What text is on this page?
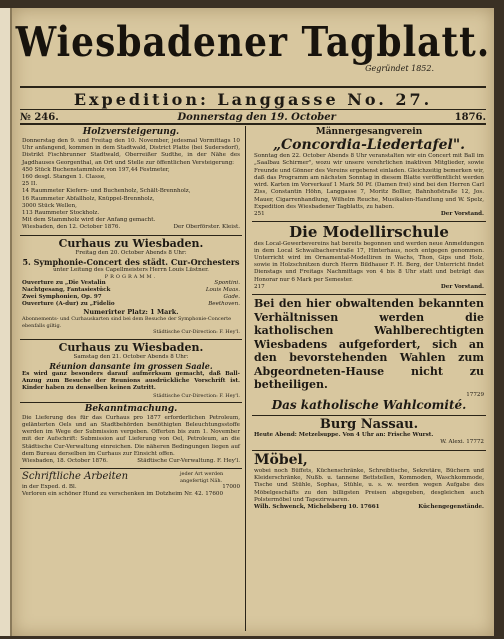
Wiesbadener Tagblatt.
Gegründet 1852.
Expedition: Langgasse No. 27.
№ 246.	Donnerstag den 19. October	1876.
Holzversteigerung.
Donnerstag den 9. und Freitag den 10. November, jedesmal Vormittags 10 Uhr anfangend, kommen in dem Stadtwald, District Platte (bei Sudersdorf), Distrikt Fischbrunner Stadtwald, Oberreißer Sudthe, in der Nähe des Jagdhauses Georgenthal, an Ort und Stelle zur öffentlichen Versteigerung:
450 Stück Buchenstammholz von 197,44 Festmeter,
160 desgl. Stangen 1. Classe,
25 II.
14 Raummeter Kiefern- und Buchenholz, Schält-Brennholz,
16 Raummeter Abfallholz, Knüppel-Brennholz,
3000 Stück Wellen,
113 Raummeter Stockholz.
Mit dem Stammholz wird der Anfang gemacht.
Wiesbaden, den 12. October 1876.	Der Oberförster. Kleist.
Curhaus zu Wiesbaden.
Freitag den 20. October Abends 8 Uhr:
5. Symphonie-Concert des städt. Cur-Orchesters
unter Leitung des Capellmeisters Herrn Louis Lüstner.
PROGRAMM.
Ouverture zu „Die Vestalin	Spontini.
Nachtgesang, Fantasiestück	Louis Maas.
Zwei Symphonien, Op. 97	Gade.
Ouverture (A-dur) zu „Fidelio	Beethoven.
Numerirter Platz: 1 Mark.
Abonnements- und Curhauskarten sind bei dem Besuche der Symphonie-Concerte ebenfalls giltig.
Städtische Cur-Direction: F. Hey'l.
Curhaus zu Wiesbaden.
Samstag den 21. October Abends 8 Uhr:
Réunion dansante im grossen Saale.
Es wird ganz besonders darauf aufmerksam gemacht, daß Ball-Anzug zum Besuche der Reunions ausdrückliche Vorschrift ist. Kinder haben zu denselben keinen Zutritt.
Städtische Cur-Direction: F. Hey'l.
Bekanntmachung.
Die Lieferung des für das Curhaus pro 1877 erforderlichen Petroleum, gelänterten Oels und an Stadtbehörden benöthigten Beleuchtungsstoffe werden im Wege der Submission vergeben. Offerten bis zum 1. November mit der Aufschrift: Submission auf Lieferung von Oel, Petroleum, an die Städtische Cur-Verwaltung einreichen. Die näheren Bedingungen liegen auf dem Bureau derselben im Curhaus zur Einsicht offen.
Wiesbaden, 18. October 1876.	Städtische Cur-Verwaltung. F. Hey'l.
Schriftliche Arbeiten	jeder Art werden angefertigt Näh.
in der Exped. d. Bl.	17000
Verloren ein schöner Hund zu verschenken im Dotzheim Nr. 42. 17600
Männergesangverein
„Concordia-Liedertafel".
Sonntag den 22. October Abends 8 Uhr veranstalten wir ein Concert mit Ball im „Saalbau Schirmer", wozu wir unsere verehrlichen inaktiven Mitglieder, sowie Freunde und Gönner des Vereins ergebenst einladen. Gleichzeitig bemerken wir, daß das Programm am nächsten Sonntag in diesem Blatte veröffentlicht werden wird. Karten im Vorverkauf 1 Mark 50 Pf. (Damen frei) sind bei den Herren Carl Ziss, Constantin Höhn, Langgasse 7, Moritz Bollier, Bahnhofstraße 12, Jos. Mauer, Cigarrenhandlung, Wilhelm Reuche, Musikalien-Handlung und W. Spelz, Expedition des Wiesbadener Tagblatts, zu haben.
251	Der Vorstand.
Die Modellirschule
des Local-Gewerbevereins hat bereits begonnen und werden neue Anmeldungen in dem Local Schwalbacherstraße 17, Hinterhaus, noch entgegen genommen. Unterricht wird im Ornamental-Modelliren in Wachs, Thon, Gips und Holz, sowie in Holzschnitzen durch Herrn Bildhauer F. H. Berg, der Unterricht findet Dienstags und Freitags Nachmittags von 4 bis 8 Uhr statt und beträgt das Honorar nur 6 Mark per Semester.
217	Der Vorstand.
Bei den hier obwaltenden bekannten Verhältnissen werden die katholischen Wahlberechtigten Wiesbadens aufgefordert, sich an den bevorstehenden Wahlen zum Abgeordneten-Hause nicht zu betheiligen.
17729
Das katholische Wahlcomité.
Burg Nassau.
Heute Abend: Metzelsuppe. Von 4 Uhr an: Frische Wurst.
W. Alexi. 17772
Möbel,
wobei noch Büffets, Küchenschränke, Schreibtische, Sekretäre, Büchern und Kleiderschränke, Nußb. u. tannene Bettstellen, Kommoden, Waschkommode, Tische und Stühle, Sophas, Stühle, u. s. w. werden wegen Aufgabe des Möbelgeschäfts zu den billigsten Preisen abgegeben, desgleichen auch Polstermöbel und Tapezirwaaren.
Wilh. Schwenck, Michelsberg 10. 17661	Küchengegenstände.
